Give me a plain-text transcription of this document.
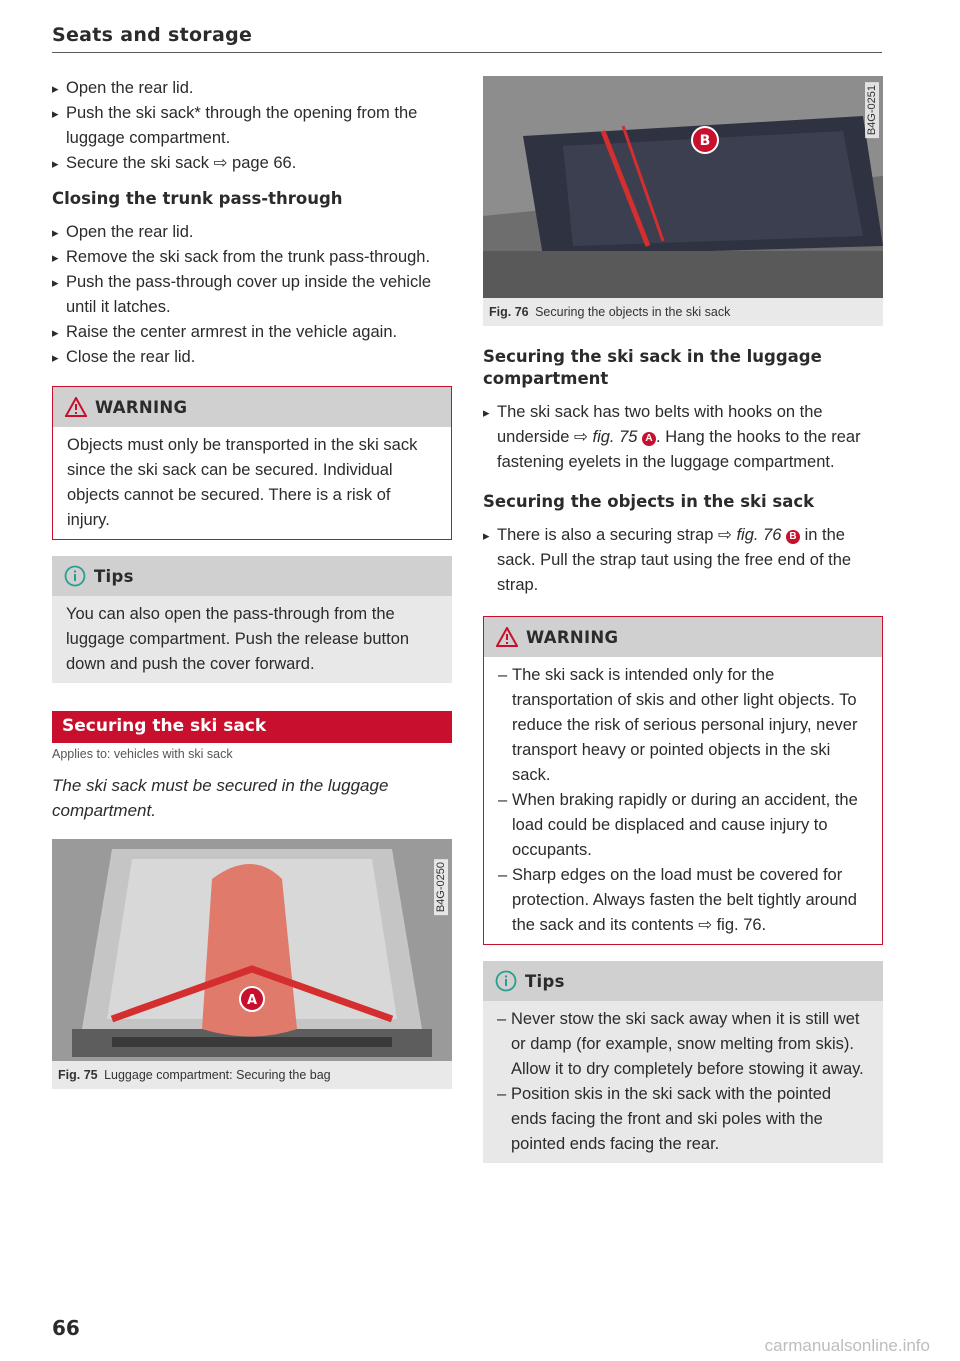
Seats and storage
▸ Open the rear lid.
▸ Push the ski sack* through the opening from the luggage compartment.
▸ Secure the ski sack ⇨ page 66.
Closing the trunk pass-through
▸ Open the rear lid.
▸ Remove the ski sack from the trunk pass-through.
▸ Push the pass-through cover up inside the vehicle until it latches.
▸ Raise the center armrest in the vehicle again.
▸ Close the rear lid.
WARNING
Objects must only be transported in the ski sack since the ski sack can be secured. Individual objects cannot be secured. There is a risk of injury.
Tips
You can also open the pass-through from the luggage compartment. Push the release button down and push the cover forward.
Securing the ski sack
Applies to: vehicles with ski sack
The ski sack must be secured in the luggage compartment.
A
B4G-0250
Fig. 75 Luggage compartment: Securing the bag
B
B4G-0251
Fig. 76 Securing the objects in the ski sack
Securing the ski sack in the luggage compartment
▸ The ski sack has two belts with hooks on the underside ⇨ fig. 75 A . Hang the hooks to the rear fastening eyelets in the luggage compartment.
Securing the objects in the ski sack
▸ There is also a securing strap ⇨ fig. 76 B in the sack. Pull the strap taut using the free end of the strap.
WARNING
– The ski sack is intended only for the transportation of skis and other light objects. To reduce the risk of serious personal injury, never transport heavy or pointed objects in the ski sack.
– When braking rapidly or during an accident, the load could be displaced and cause injury to occupants.
– Sharp edges on the load must be covered for protection. Always fasten the belt tightly around the sack and its contents ⇨ fig. 76.
Tips
– Never stow the ski sack away when it is still wet or damp (for example, snow melting from skis). Allow it to dry completely before stowing it away.
– Position skis in the ski sack with the pointed ends facing the front and ski poles with the pointed ends facing the rear.
66
carmanualsonline.info
